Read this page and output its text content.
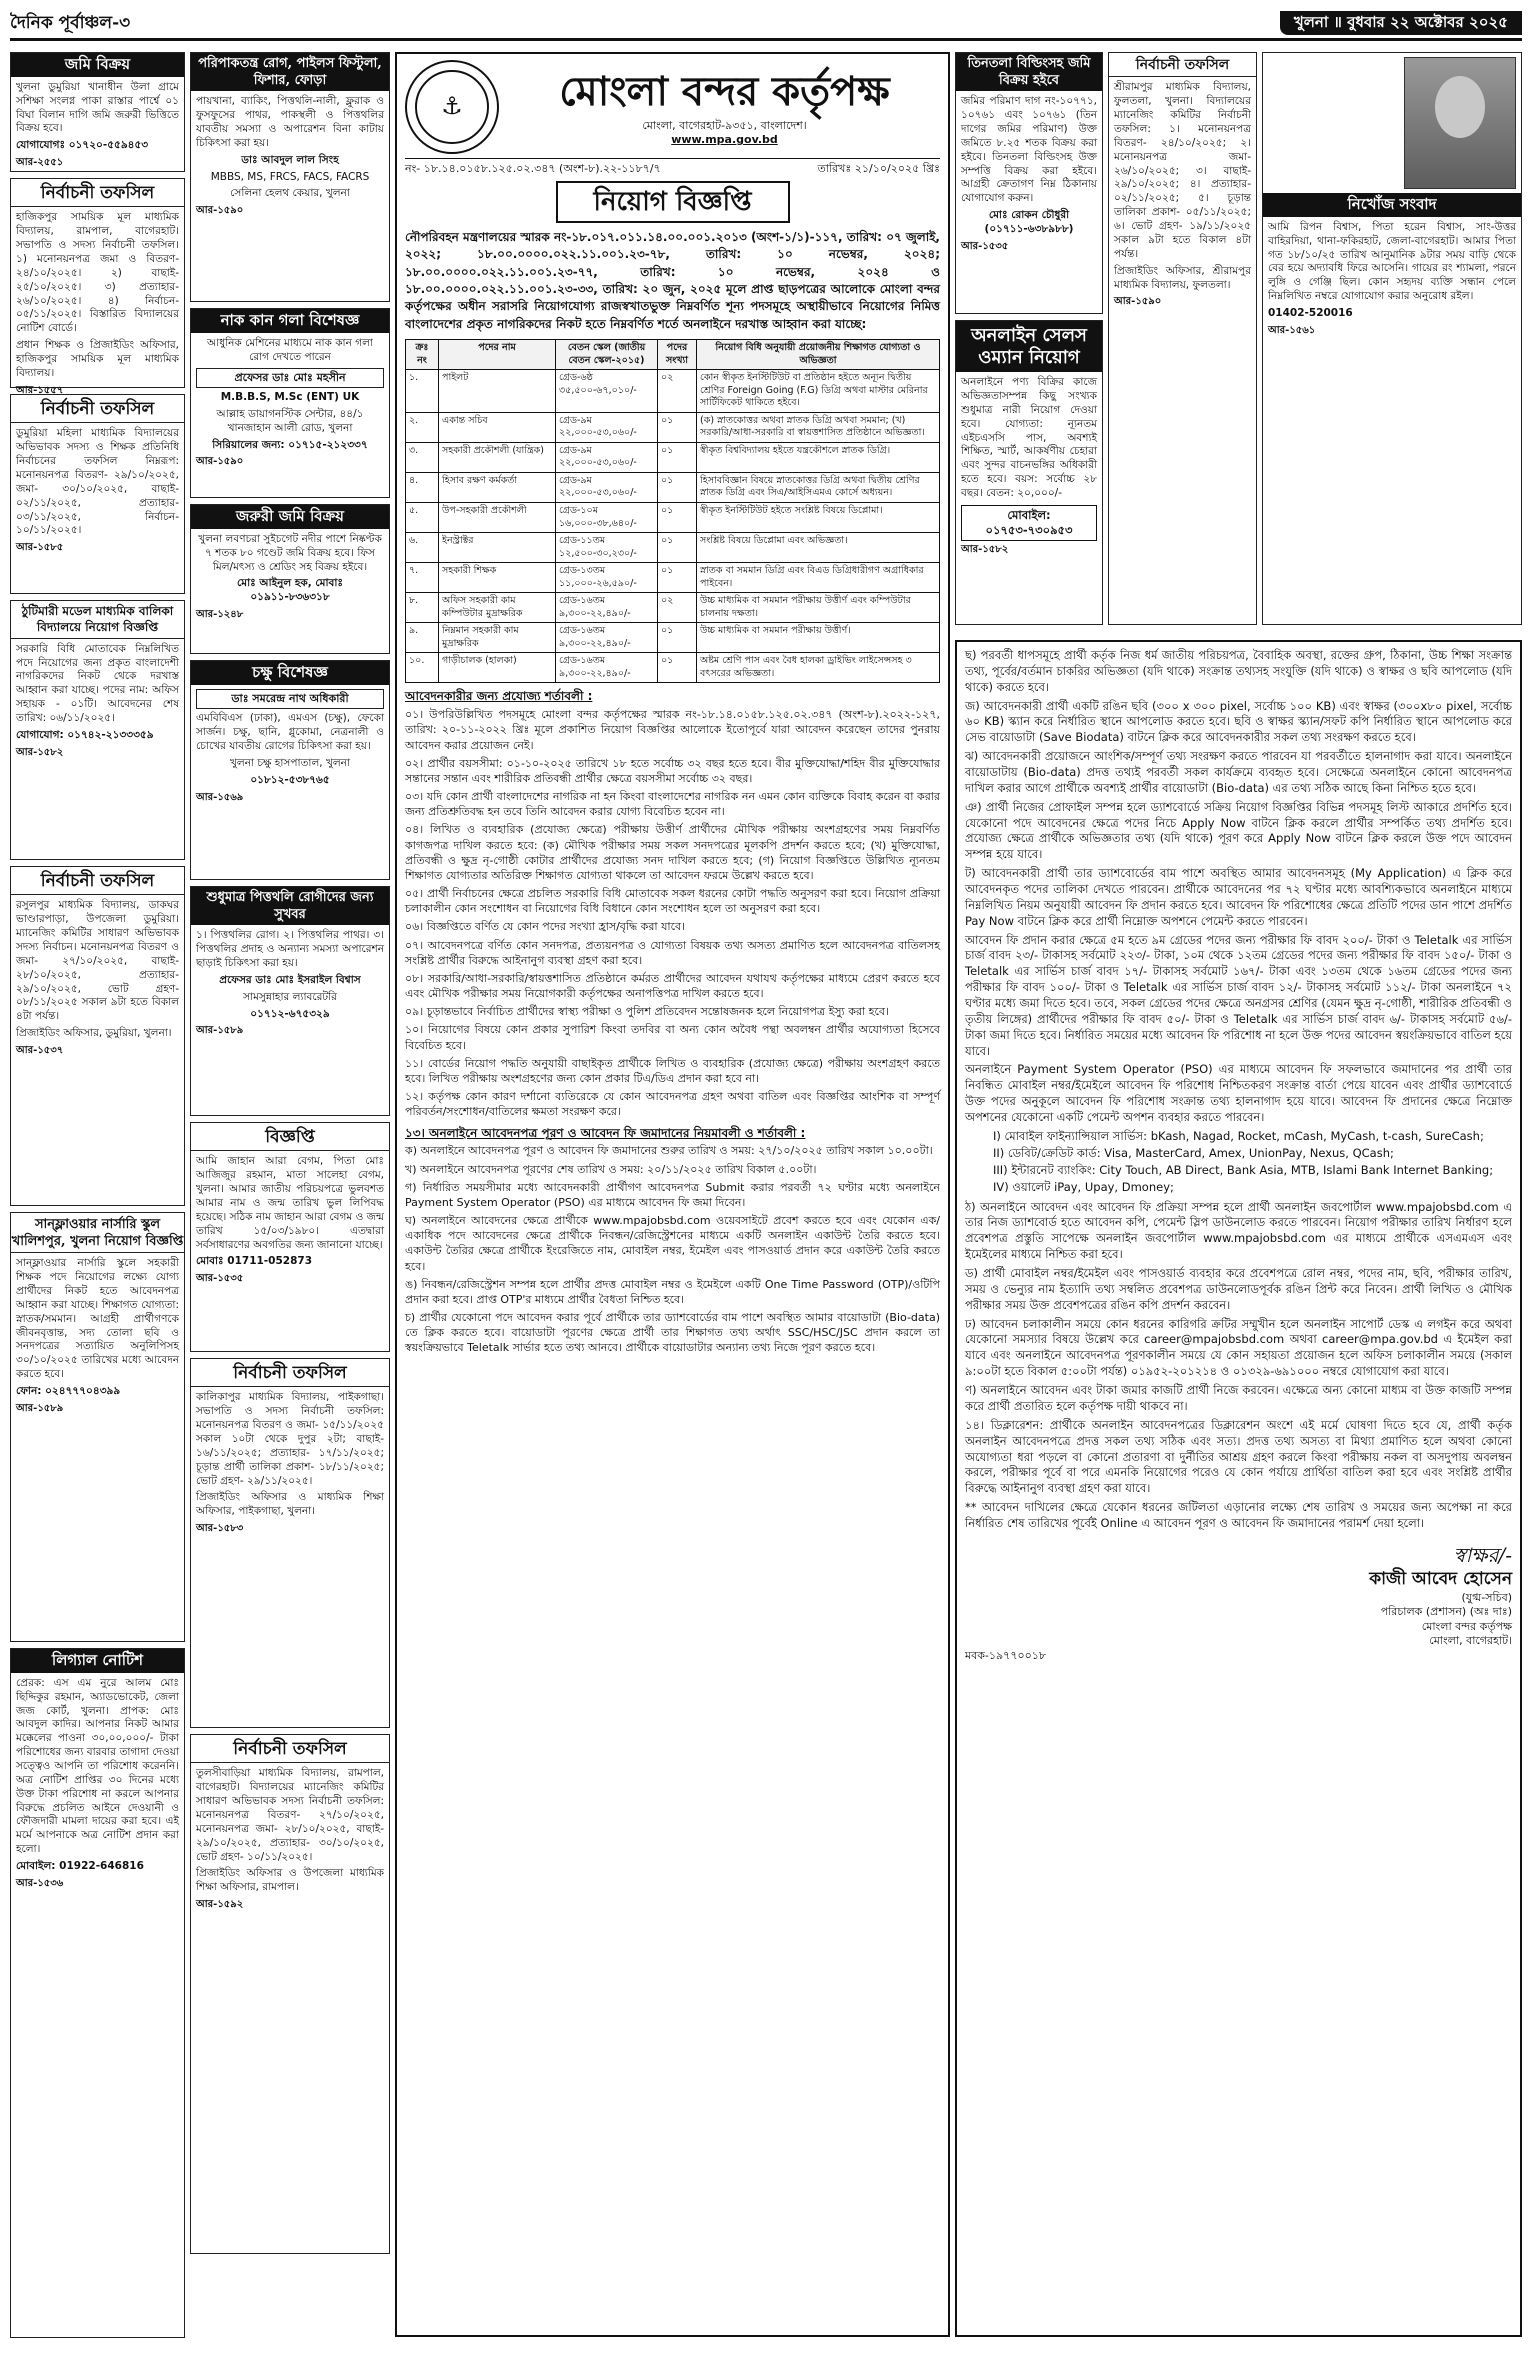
দৈনিক পূর্বাঞ্চল-৩	খুলনা ॥ বুধবার ২২ অক্টোবর ২০২৫
জমি বিক্রয়

খুলনা ডুমুরিয়া খানাধীন উলা গ্রামে সশিক্ষা সংলগ্ন পাকা রাস্তার পার্শ্বে ০১ বিঘা বিলান দাগি জমি জরুরী ভিত্তিতে বিক্রয় হবে।

যোগাযোগঃ ০১৭২০-৫৫৯৪৫৩

আর-২৫৫১
নির্বাচনী তফসিল

হাজিকপুর সাময়িক মূল মাধ্যমিক বিদ্যালয়, রামপাল, বাগেরহাট। সভাপতি ও সদস্য নির্বাচনী তফসিল। ১) মনোনয়নপত্র জমা ও বিতরণ- ২৪/১০/২০২৫। ২) বাছাই- ২৫/১০/২০২৫। ৩) প্রত্যাহার- ২৬/১০/২০২৫। ৪) নির্বাচন- ০৫/১১/২০২৫। বিস্তারিত বিদ্যালয়ের নোটিশ বোর্ডে।

প্রধান শিক্ষক ও প্রিজাইডিং অফিসার, হাজিকপুর সাময়িক মূল মাধ্যমিক বিদ্যালয়।

আর-১৫৫৭
নির্বাচনী তফসিল

ডুমুরিয়া মহিলা মাধ্যমিক বিদ্যালয়ের অভিভাবক সদস্য ও শিক্ষক প্রতিনিধি নির্বাচনের তফসিল নিম্নরূপ: মনোনয়নপত্র বিতরণ- ২৯/১০/২০২৫, জমা- ৩০/১০/২০২৫, বাছাই- ০২/১১/২০২৫, প্রত্যাহার- ০৩/১১/২০২৫, নির্বাচন- ১০/১১/২০২৫।

আর-১৫৮৫
ঠুটিমারী মডেল মাধ্যমিক বালিকা বিদ্যালয়ে নিয়োগ বিজ্ঞপ্তি

সরকারি বিধি মোতাবেক নিম্নলিখিত পদে নিয়োগের জন্য প্রকৃত বাংলাদেশী নাগরিকদের নিকট থেকে দরখাস্ত আহ্বান করা যাচ্ছে। পদের নাম: অফিস সহায়ক - ০১টি। আবেদনের শেষ তারিখ: ০৬/১১/২০২৫।

যোগাযোগ: ০১৭৪২-২১৩৩৩৫৯

আর-১৫৮২
নির্বাচনী তফসিল

রসুলপুর মাধ্যমিক বিদ্যালয়, ডাকঘর ভাণ্ডারপাড়া, উপজেলা ডুমুরিয়া। ম্যানেজিং কমিটির সাধারণ অভিভাবক সদস্য নির্বাচন। মনোনয়নপত্র বিতরণ ও জমা- ২৭/১০/২০২৫, বাছাই- ২৮/১০/২০২৫, প্রত্যাহার- ২৯/১০/২০২৫, ভোট গ্রহণ- ০৮/১১/২০২৫ সকাল ৯টা হতে বিকাল ৪টা পর্যন্ত।

প্রিজাইডিং অফিসার, ডুমুরিয়া, খুলনা।

আর-১৫৩৭
সান্ফ্লাওয়ার নার্সারি স্কুল খালিশপুর, খুলনা নিয়োগ বিজ্ঞপ্তি

সান্ফ্লাওয়ার নার্সারি স্কুলে সহকারী শিক্ষক পদে নিয়োগের লক্ষ্যে যোগ্য প্রার্থীদের নিকট হতে আবেদনপত্র আহ্বান করা যাচ্ছে। শিক্ষাগত যোগ্যতা: স্নাতক/সমমান। আগ্রহী প্রার্থীগণকে জীবনবৃত্তান্ত, সদ্য তোলা ছবি ও সনদপত্রের সত্যায়িত অনুলিপিসহ ৩০/১০/২০২৫ তারিখের মধ্যে আবেদন করতে হবে।

ফোন: ০২৪৭৭৭০৪৩৯৯

আর-১৫৮৯
লিগ্যাল নোটিশ

প্রেরক: এস এম নুরে আলম মোঃ ছিদ্দিকুর রহমান, অ্যাডভোকেট, জেলা জজ কোর্ট, খুলনা। প্রাপক: মোঃ আবদুল কাদির। আপনার নিকট আমার মক্কেলের পাওনা ৩০,০০,০০০/- টাকা পরিশোধের জন্য বারবার তাগাদা দেওয়া সত্ত্বেও আপনি তা পরিশোধ করেননি। অত্র নোটিশ প্রাপ্তির ৩০ দিনের মধ্যে উক্ত টাকা পরিশোধ না করলে আপনার বিরুদ্ধে প্রচলিত আইনে দেওয়ানী ও ফৌজদারী মামলা দায়ের করা হবে। এই মর্মে আপনাকে অত্র নোটিশ প্রদান করা হলো।

মোবাইল: 01922-646816

আর-১৫৩৬
পরিপাকতন্ত্র রোগ, পাইলস ফিস্টুলা, ফিশার, ফোড়া

পায়খানা, ব্যাকিং, পিত্তথলি-নালী, ফ্লুরাক ও ফুসফুসের পাথর, পাকস্থলী ও পিত্তথলির যাবতীয় সমস্যা ও অপারেশন বিনা কাটায় চিকিৎসা করা হয়।

ডাঃ আবদুল লাল সিংহ

MBBS, MS, FRCS, FACS, FACRS

সেলিনা হেলথ কেয়ার, খুলনা

আর-১৫৯০
নাক কান গলা বিশেষজ্ঞ

আধুনিক মেশিনের মাধ্যমে নাক কান গলা রোগ দেখতে পারেন

প্রফেসর ডাঃ মোঃ মহসীন

M.B.B.S, M.Sc (ENT) UK

আল্লাহ ডায়াগনস্টিক সেন্টার, ৪৪/১ খানজাহান আলী রোড, খুলনা

সিরিয়ালের জন্য: ০১৭১৫-২১২৩৩৭

আর-১৫৯০
জরুরী জমি বিক্রয়

খুলনা লবণচরা সুইচগেট নদীর পাশে নিষ্কণ্টক ৭ শতক ৮০ গণ্ডেট জমি বিক্রয় হবে। ফিস মিল/মৎস্য ও শ্রেডিং সহ বিক্রয় হইবে।

মোঃ আইনুল হক, মোবাঃ ০১৯১১-৮৩৬৩১৮

আর-১২৪৮
চক্ষু বিশেষজ্ঞ
ডাঃ সমরেন্দ্র নাথ অধিকারী

এমবিবিএস (ঢাকা), এমএস (চক্ষু), ফেকো সার্জন। চক্ষু, ছানি, গ্লুকোমা, নেত্রনালী ও চোখের যাবতীয় রোগের চিকিৎসা করা হয়।

খুলনা চক্ষু হাসপাতাল, খুলনা

০১৮১২-৫৩৮৭৬৫

আর-১৫৬৯
শুধুমাত্র পিত্তথলি রোগীদের জন্য সুখবর

১। পিত্তথলির রোগ। ২। পিত্তথলির পাথর। ৩। পিত্তথলির প্রদাহ ও অন্যান্য সমস্যা অপারেশন ছাড়াই চিকিৎসা করা হয়।

প্রফেসর ডাঃ মোঃ ইসরাইল বিশ্বাস

সামসুন্নাহার ল্যাবরেটরি

০১৭১২-৬৭৫৩২৯

আর-১৫৮৯
বিজ্ঞপ্তি

আমি জাহান আরা বেগম, পিতা মোঃ আজিজুর রহমান, মাতা সালেহা বেগম, খুলনা। আমার জাতীয় পরিচয়পত্রে ভুলবশত আমার নাম ও জন্ম তারিখ ভুল লিপিবদ্ধ হয়েছে। সঠিক নাম জাহান আরা বেগম ও জন্ম তারিখ ১৫/০৩/১৯৮০। এতদ্বারা সর্বসাধারণের অবগতির জন্য জানানো যাচ্ছে।

মোবাঃ 01711-052873

আর-১৫৩৫
নির্বাচনী তফসিল

কালিকাপুর মাধ্যমিক বিদ্যালয়, পাইকগাছা। সভাপতি ও সদস্য নির্বাচনী তফসিল: মনোনয়নপত্র বিতরণ ও জমা- ১৫/১১/২০২৫ সকাল ১০টা থেকে দুপুর ২টা; বাছাই- ১৬/১১/২০২৫; প্রত্যাহার- ১৭/১১/২০২৫; চূড়ান্ত প্রার্থী তালিকা প্রকাশ- ১৮/১১/২০২৫; ভোট গ্রহণ- ২৯/১১/২০২৫।

প্রিজাইডিং অফিসার ও মাধ্যমিক শিক্ষা অফিসার, পাইকগাছা, খুলনা।

আর-১৫৮৩
নির্বাচনী তফসিল

তুলসীবাড়িয়া মাধ্যমিক বিদ্যালয়, রামপাল, বাগেরহাট। বিদ্যালয়ের ম্যানেজিং কমিটির সাধারণ অভিভাবক সদস্য নির্বাচনী তফসিল: মনোনয়নপত্র বিতরণ- ২৭/১০/২০২৫, মনোনয়নপত্র জমা- ২৮/১০/২০২৫, বাছাই- ২৯/১০/২০২৫, প্রত্যাহার- ৩০/১০/২০২৫, ভোট গ্রহণ- ১০/১১/২০২৫।

প্রিজাইডিং অফিসার ও উপজেলা মাধ্যমিক শিক্ষা অফিসার, রামপাল।

আর-১৫৯২
⚓	মোংলা বন্দর কর্তৃপক্ষ
মোংলা, বাগেরহাট-৯৩৫১, বাংলাদেশ।
www.mpa.gov.bd
নং- ১৮.১৪.০১৫৮.১২৫.০২.৩৪৭ (অংশ-৮).২২-১১৮৭/৭	তারিখঃ ২১/১০/২০২৫ খ্রিঃ
নিয়োগ বিজ্ঞপ্তি

নৌপরিবহন মন্ত্রণালয়ের স্মারক নং-১৮.০১৭.০১১.১৪.০০.০০১.২০১৩ (অংশ-১/১)-১১৭, তারিখ: ০৭ জুলাই, ২০২২; ১৮.০০.০০০০.০২২.১১.০০১.২৩-৭৮, তারিখ: ১০ নভেম্বর, ২০২৪; ১৮.০০.০০০০.০২২.১১.০০১.২৩-৭৭, তারিখ: ১০ নভেম্বর, ২০২৪ ও ১৮.০০.০০০০.০২২.১১.০০১.২৩-৩৩, তারিখ: ২০ জুন, ২০২৫ মূলে প্রাপ্ত ছাড়পত্রের আলোকে মোংলা বন্দর কর্তৃপক্ষের অধীন সরাসরি নিয়োগযোগ্য রাজস্বখাতভুক্ত নিম্নবর্ণিত শূন্য পদসমূহে অস্থায়ীভাবে নিয়োগের নিমিত্ত বাংলাদেশের প্রকৃত নাগরিকদের নিকট হতে নিম্নবর্ণিত শর্তে অনলাইনে দরখাস্ত আহ্বান করা যাচ্ছে:

ক্রঃ নং	পদের নাম	বেতন স্কেল (জাতীয় বেতন স্কেল-২০১৫)	পদের সংখ্যা	নিয়োগ বিধি অনুযায়ী প্রয়োজনীয় শিক্ষাগত যোগ্যতা ও অভিজ্ঞতা
১.	পাইলট	গ্রেড-৬ষ্ঠ ৩৫,৫০০-৬৭,০১০/-	০২	কোন স্বীকৃত ইনস্টিটিউট বা প্রতিষ্ঠান হইতে অন্যূন দ্বিতীয় শ্রেণির Foreign Going (F.G) ডিগ্রি অথবা মাস্টার মেরিনার সার্টিফিকেট থাকিতে হইবে।
২.	একান্ত সচিব	গ্রেড-৯ম ২২,০০০-৫৩,০৬০/-	০১	(ক) স্নাতকোত্তর অথবা স্নাতক ডিগ্রি অথবা সমমান; (খ) সরকারি/আধা-সরকারি বা স্বায়ত্তশাসিত প্রতিষ্ঠানে অভিজ্ঞতা।
৩.	সহকারী প্রকৌশলী (যান্ত্রিক)	গ্রেড-৯ম ২২,০০০-৫৩,০৬০/-	০১	স্বীকৃত বিশ্ববিদ্যালয় হইতে যন্ত্রকৌশলে স্নাতক ডিগ্রি।
৪.	হিসাব রক্ষণ কর্মকর্তা	গ্রেড-৯ম ২২,০০০-৫৩,০৬০/-	০১	হিসাববিজ্ঞান বিষয়ে স্নাতকোত্তর ডিগ্রি অথবা দ্বিতীয় শ্রেণির স্নাতক ডিগ্রি এবং সিএ/আইসিএমএ কোর্সে অধ্যয়ন।
৫.	উপ-সহকারী প্রকৌশলী	গ্রেড-১০ম ১৬,০০০-৩৮,৬৪০/-	০১	স্বীকৃত ইনস্টিটিউট হইতে সংশ্লিষ্ট বিষয়ে ডিপ্লোমা।
৬.	ইনস্ট্রাক্টর	গ্রেড-১১তম ১২,৫০০-৩০,২৩০/-	০১	সংশ্লিষ্ট বিষয়ে ডিপ্লোমা এবং অভিজ্ঞতা।
৭.	সহকারী শিক্ষক	গ্রেড-১৩তম ১১,০০০-২৬,৫৯০/-	০১	স্নাতক বা সমমান ডিগ্রি এবং বিএড ডিগ্রিধারীগণ অগ্রাধিকার পাইবেন।
৮.	অফিস সহকারী কাম কম্পিউটার মুদ্রাক্ষরিক	গ্রেড-১৬তম ৯,৩০০-২২,৪৯০/-	০২	উচ্চ মাধ্যমিক বা সমমান পরীক্ষায় উত্তীর্ণ এবং কম্পিউটার চালনায় দক্ষতা।
৯.	নিম্নমান সহকারী কাম মুদ্রাক্ষরিক	গ্রেড-১৬তম ৯,৩০০-২২,৪৯০/-	০১	উচ্চ মাধ্যমিক বা সমমান পরীক্ষায় উত্তীর্ণ।
১০.	গাড়ীচালক (হালকা)	গ্রেড-১৬তম ৯,৩০০-২২,৪৯০/-	০১	অষ্টম শ্রেণি পাস এবং বৈধ হালকা ড্রাইভিং লাইসেন্সসহ ৩ বৎসরের অভিজ্ঞতা।
আবেদনকারীর জন্য প্রযোজ্য শর্তাবলী :

০১। উপরিউল্লিখিত পদসমূহে মোংলা বন্দর কর্তৃপক্ষের স্মারক নং-১৮.১৪.০১৫৮.১২৫.০২.৩৪৭ (অংশ-৮).২০২২-১২৭, তারিখ: ২০-১১-২০২২ খ্রিঃ মূলে প্রকাশিত নিয়োগ বিজ্ঞপ্তির আলোকে ইতোপূর্বে যারা আবেদন করেছেন তাদের পুনরায় আবেদন করার প্রয়োজন নেই।

০২। প্রার্থীর বয়সসীমা: ০১-১০-২০২৫ তারিখে ১৮ হতে সর্বোচ্চ ৩২ বছর হতে হবে। বীর মুক্তিযোদ্ধা/শহিদ বীর মুক্তিযোদ্ধার সন্তানের সন্তান এবং শারীরিক প্রতিবন্ধী প্রার্থীর ক্ষেত্রে বয়সসীমা সর্বোচ্চ ৩২ বছর।

০৩। যদি কোন প্রার্থী বাংলাদেশের নাগরিক না হন কিংবা বাংলাদেশের নাগরিক নন এমন কোন ব্যক্তিকে বিবাহ করেন বা করার জন্য প্রতিশ্রুতিবদ্ধ হন তবে তিনি আবেদন করার যোগ্য বিবেচিত হবেন না।

০৪। লিখিত ও ব্যবহারিক (প্রযোজ্য ক্ষেত্রে) পরীক্ষায় উত্তীর্ণ প্রার্থীদের মৌখিক পরীক্ষায় অংশগ্রহণের সময় নিম্নবর্ণিত কাগজপত্র দাখিল করতে হবে: (ক) মৌখিক পরীক্ষার সময় সকল সনদপত্রের মূলকপি প্রদর্শন করতে হবে; (খ) মুক্তিযোদ্ধা, প্রতিবন্ধী ও ক্ষুদ্র নৃ-গোষ্ঠী কোটার প্রার্থীদের প্রযোজ্য সনদ দাখিল করতে হবে; (গ) নিয়োগ বিজ্ঞপ্তিতে উল্লিখিত ন্যূনতম শিক্ষাগত যোগ্যতার অতিরিক্ত শিক্ষাগত যোগ্যতা থাকলে তা আবেদন ফরমে উল্লেখ করতে হবে।

০৫। প্রার্থী নির্বাচনের ক্ষেত্রে প্রচলিত সরকারি বিধি মোতাবেক সকল ধরনের কোটা পদ্ধতি অনুসরণ করা হবে। নিয়োগ প্রক্রিয়া চলাকালীন কোন সংশোধন বা নিয়োগের বিধি বিধানে কোন সংশোধন হলে তা অনুসরণ করা হবে।

০৬। বিজ্ঞপ্তিতে বর্ণিত যে কোন পদের সংখ্যা হ্রাস/বৃদ্ধি করা যাবে।

০৭। আবেদনপত্রে বর্ণিত কোন সনদপত্র, প্রত্যয়নপত্র ও যোগ্যতা বিষয়ক তথ্য অসত্য প্রমাণিত হলে আবেদনপত্র বাতিলসহ সংশ্লিষ্ট প্রার্থীর বিরুদ্ধে আইনানুগ ব্যবস্থা গ্রহণ করা হবে।

০৮। সরকারি/আধা-সরকারি/স্বায়ত্তশাসিত প্রতিষ্ঠানে কর্মরত প্রার্থীদের আবেদন যথাযথ কর্তৃপক্ষের মাধ্যমে প্রেরণ করতে হবে এবং মৌখিক পরীক্ষার সময় নিয়োগকারী কর্তৃপক্ষের অনাপত্তিপত্র দাখিল করতে হবে।

০৯। চূড়ান্তভাবে নির্বাচিত প্রার্থীদের স্বাস্থ্য পরীক্ষা ও পুলিশ প্রতিবেদন সন্তোষজনক হলে নিয়োগপত্র ইস্যু করা হবে।

১০। নিয়োগের বিষয়ে কোন প্রকার সুপারিশ কিংবা তদবির বা অন্য কোন অবৈধ পন্থা অবলম্বন প্রার্থীর অযোগ্যতা হিসেবে বিবেচিত হবে।

১১। বোর্ডের নিয়োগ পদ্ধতি অনুযায়ী বাছাইকৃত প্রার্থীকে লিখিত ও ব্যবহারিক (প্রযোজ্য ক্ষেত্রে) পরীক্ষায় অংশগ্রহণ করতে হবে। লিখিত পরীক্ষায় অংশগ্রহণের জন্য কোন প্রকার টিএ/ডিএ প্রদান করা হবে না।

১২। কর্তৃপক্ষ কোন কারণ দর্শানো ব্যতিরেকে যে কোন আবেদনপত্র গ্রহণ অথবা বাতিল এবং বিজ্ঞপ্তির আংশিক বা সম্পূর্ণ পরিবর্তন/সংশোধন/বাতিলের ক্ষমতা সংরক্ষণ করে।

১৩। অনলাইনে আবেদনপত্র পূরণ ও আবেদন ফি জমাদানের নিয়মাবলী ও শর্তাবলী :

ক) অনলাইনে আবেদনপত্র পূরণ ও আবেদন ফি জমাদানের শুরুর তারিখ ও সময়: ২৭/১০/২০২৫ তারিখ সকাল ১০.০০টা।

খ) অনলাইনে আবেদনপত্র পূরণের শেষ তারিখ ও সময়: ২০/১১/২০২৫ তারিখ বিকাল ৫.০০টা।

গ) নির্ধারিত সময়সীমার মধ্যে আবেদনকারী প্রার্থীগণ আবেদনপত্র Submit করার পরবর্তী ৭২ ঘণ্টার মধ্যে অনলাইনে Payment System Operator (PSO) এর মাধ্যমে আবেদন ফি জমা দিবেন।

ঘ) অনলাইনে আবেদনের ক্ষেত্রে প্রার্থীকে www.mpajobsbd.com ওয়েবসাইটে প্রবেশ করতে হবে এবং যেকোন এক/একাধিক পদে আবেদনের ক্ষেত্রে প্রার্থীকে নিবন্ধন/রেজিস্ট্রেশনের মাধ্যমে একটি অনলাইন একাউন্ট তৈরি করতে হবে। একাউন্ট তৈরির ক্ষেত্রে প্রার্থীকে ইংরেজিতে নাম, মোবাইল নম্বর, ইমেইল এবং পাসওয়ার্ড প্রদান করে একাউন্ট তৈরি করতে হবে।

ঙ) নিবন্ধন/রেজিস্ট্রেশন সম্পন্ন হলে প্রার্থীর প্রদত্ত মোবাইল নম্বর ও ইমেইলে একটি One Time Password (OTP)/ওটিপি প্রদান করা হবে। প্রাপ্ত OTP'র মাধ্যমে প্রার্থীর বৈধতা নিশ্চিত হবে।

চ) প্রার্থীর যেকোনো পদে আবেদন করার পূর্বে প্রার্থীকে তার ড্যাশবোর্ডের বাম পাশে অবস্থিত আমার বায়োডাটা (Bio-data) তে ক্লিক করতে হবে। বায়োডাটা পূরণের ক্ষেত্রে প্রার্থী তার শিক্ষাগত তথ্য অর্থাৎ SSC/HSC/JSC প্রদান করলে তা স্বয়ংক্রিয়ভাবে Teletalk সার্ভার হতে তথ্য আনবে। প্রার্থীকে বায়োডাটার অন্যান্য তথ্য নিজে পূরণ করতে হবে।

তিনতলা বিল্ডিংসহ জমি বিক্রয় হইবে

জমির পরিমাণ দাগ নং-১০৭৭১, ১০৭৬১ এবং ১০৭৬১ (তিন দাগের জমির পরিমাণ) উক্ত জমিতে ৮.২৫ শতক বিক্রয় করা হইবে। তিনতলা বিল্ডিংসহ উক্ত সম্পত্তি বিক্রয় করা হইবে। আগ্রহী ক্রেতাগণ নিম্ন ঠিকানায় যোগাযোগ করুন।

মোঃ রোকন চৌধুরী (০১৭১১-৬৩৮৯৮৮)

আর-১৫৩৫
অনলাইন সেলস ওম্যান নিয়োগ

অনলাইনে পণ্য বিক্রির কাজে অভিজ্ঞতাসম্পন্ন কিছু সংখ্যক শুধুমাত্র নারী নিয়োগ দেওয়া হবে। যোগ্যতা: ন্যূনতম এইচএসসি পাস, অবশ্যই শিক্ষিত, স্মার্ট, আকর্ষণীয় চেহারা এবং সুন্দর বাচনভঙ্গির অধিকারী হতে হবে। বয়স: সর্বোচ্চ ২৮ বছর। বেতন: ২০,০০০/-

মোবাইল: ০১৭৫৩-৭৩০৯৫৩
আর-১৫৮২
নির্বাচনী তফসিল

শ্রীরামপুর মাধ্যমিক বিদ্যালয়, ফুলতলা, খুলনা। বিদ্যালয়ের ম্যানেজিং কমিটির নির্বাচনী তফসিল: ১। মনোনয়নপত্র বিতরণ- ২৪/১০/২০২৫; ২। মনোনয়নপত্র জমা- ২৬/১০/২০২৫; ৩। বাছাই- ২৯/১০/২০২৫; ৪। প্রত্যাহার- ০২/১১/২০২৫; ৫। চূড়ান্ত তালিকা প্রকাশ- ০৫/১১/২০২৫; ৬। ভোট গ্রহণ- ১৯/১১/২০২৫ সকাল ৯টা হতে বিকাল ৪টা পর্যন্ত।

প্রিজাইডিং অফিসার, শ্রীরামপুর মাধ্যমিক বিদ্যালয়, ফুলতলা।

আর-১৫৯০
নিখোঁজ সংবাদ

আমি রিপন বিশ্বাস, পিতা হরেন বিশ্বাস, সাং-উত্তর বাহিরদিয়া, থানা-ফকিরহাট, জেলা-বাগেরহাট। আমার পিতা গত ১৮/১০/২৫ তারিখ আনুমানিক ৯টার সময় বাড়ি থেকে বের হয়ে অদ্যাবধি ফিরে আসেনি। গায়ের রং শ্যামলা, পরনে লুঙ্গি ও গেঞ্জি ছিল। কোন সহৃদয় ব্যক্তি সন্ধান পেলে নিম্নলিখিত নম্বরে যোগাযোগ করার অনুরোধ রইল।

01402-520016

আর-১৫৬১

ছ) পরবর্তী ধাপসমূহে প্রার্থী কর্তৃক নিজ ধর্ম জাতীয় পরিচয়পত্র, বৈবাহিক অবস্থা, রক্তের গ্রুপ, ঠিকানা, উচ্চ শিক্ষা সংক্রান্ত তথ্য, পূর্বের/বর্তমান চাকরির অভিজ্ঞতা (যদি থাকে) সংক্রান্ত তথ্যসহ সংযুক্তি (যদি থাকে) ও স্বাক্ষর ও ছবি আপলোড (যদি থাকে) করতে হবে।

জ) আবেদনকারী প্রার্থী একটি রঙিন ছবি (৩০০ x ৩০০ pixel, সর্বোচ্চ ১০০ KB) এবং স্বাক্ষর (৩০০x৮০ pixel, সর্বোচ্চ ৬০ KB) স্ক্যান করে নির্ধারিত স্থানে আপলোড করতে হবে। ছবি ও স্বাক্ষর স্ক্যান/সফট কপি নির্ধারিত স্থানে আপলোড করে সেভ বায়োডাটা (Save Biodata) বাটনে ক্লিক করে আবেদনকারীর সকল তথ্য সংরক্ষণ করতে হবে।

ঝ) আবেদনকারী প্রয়োজনে আংশিক/সম্পূর্ণ তথ্য সংরক্ষণ করতে পারবেন যা পরবর্তীতে হালনাগাদ করা যাবে। অনলাইনে বায়োডাটায় (Bio-data) প্রদত্ত তথ্যই পরবর্তী সকল কার্যক্রমে ব্যবহৃত হবে। সেক্ষেত্রে অনলাইনে কোনো আবেদনপত্র দাখিল করার আগে প্রার্থীকে অবশ্যই প্রার্থীর বায়োডাটা (Bio-data) এর তথ্য সঠিক আছে কিনা নিশ্চিত হতে হবে।

ঞ) প্রার্থী নিজের প্রোফাইল সম্পন্ন হলে ড্যাশবোর্ডে সক্রিয় নিয়োগ বিজ্ঞপ্তির বিভিন্ন পদসমূহ লিস্ট আকারে প্রদর্শিত হবে। যেকোনো পদে আবেদনের ক্ষেত্রে পদের নিচে Apply Now বাটনে ক্লিক করলে প্রার্থীর সম্পর্কিত তথ্য প্রদর্শিত হবে। প্রযোজ্য ক্ষেত্রে প্রার্থীকে অভিজ্ঞতার তথ্য (যদি থাকে) পূরণ করে Apply Now বাটনে ক্লিক করলে উক্ত পদে আবেদন সম্পন্ন হয়ে যাবে।

ট) আবেদনকারী প্রার্থী তার ড্যাশবোর্ডের বাম পাশে অবস্থিত আমার আবেদনসমূহ (My Application) এ ক্লিক করে আবেদনকৃত পদের তালিকা দেখতে পারবেন। প্রার্থীকে আবেদনের পর ৭২ ঘণ্টার মধ্যে আবশ্যিকভাবে অনলাইনে মাধ্যমে নিম্নলিখিত নিয়ম অনুযায়ী আবেদন ফি প্রদান করতে হবে। আবেদন ফি পরিশোধের ক্ষেত্রে প্রতিটি পদের ডান পাশে প্রদর্শিত Pay Now বাটনে ক্লিক করে প্রার্থী নিম্নোক্ত অপশনে পেমেন্ট করতে পারবেন।

আবেদন ফি প্রদান করার ক্ষেত্রে ৫ম হতে ৯ম গ্রেডের পদের জন্য পরীক্ষার ফি বাবদ ২০০/- টাকা ও Teletalk এর সার্ভিস চার্জ বাবদ ২৩/- টাকাসহ সর্বমোট ২২৩/- টাকা, ১০ম থেকে ১২তম গ্রেডের পদের জন্য পরীক্ষার ফি বাবদ ১৫০/- টাকা ও Teletalk এর সার্ভিস চার্জ বাবদ ১৭/- টাকাসহ সর্বমোট ১৬৭/- টাকা এবং ১৩তম থেকে ১৬তম গ্রেডের পদের জন্য পরীক্ষার ফি বাবদ ১০০/- টাকা ও Teletalk এর সার্ভিস চার্জ বাবদ ১২/- টাকাসহ সর্বমোট ১১২/- টাকা অনলাইনে ৭২ ঘণ্টার মধ্যে জমা দিতে হবে। তবে, সকল গ্রেডের পদের ক্ষেত্রে অনগ্রসর শ্রেণির (যেমন ক্ষুদ্র নৃ-গোষ্ঠী, শারীরিক প্রতিবন্ধী ও তৃতীয় লিঙ্গের) প্রার্থীদের পরীক্ষার ফি বাবদ ৫০/- টাকা ও Teletalk এর সার্ভিস চার্জ বাবদ ৬/- টাকাসহ সর্বমোট ৫৬/- টাকা জমা দিতে হবে। নির্ধারিত সময়ের মধ্যে আবেদন ফি পরিশোধ না হলে উক্ত পদের আবেদন স্বয়ংক্রিয়ভাবে বাতিল হয়ে যাবে।

অনলাইনে Payment System Operator (PSO) এর মাধ্যমে আবেদন ফি সফলভাবে জমাদানের পর প্রার্থী তার নিবন্ধিত মোবাইল নম্বর/ইমেইলে আবেদন ফি পরিশোধ নিশ্চিতকরণ সংক্রান্ত বার্তা পেয়ে যাবেন এবং প্রার্থীর ড্যাশবোর্ডে উক্ত পদের অনুকূলে আবেদন ফি পরিশোধ সংক্রান্ত তথ্য হালনাগাদ হয়ে যাবে। আবেদন ফি প্রদানের ক্ষেত্রে নিম্নোক্ত অপশনের যেকোনো একটি পেমেন্ট অপশন ব্যবহার করতে পারবেন।

I) মোবাইল ফাইন্যান্সিয়াল সার্ভিস: bKash, Nagad, Rocket, mCash, MyCash, t-cash, SureCash;
II) ডেবিট/ক্রেডিট কার্ড: Visa, MasterCard, Amex, UnionPay, Nexus, QCash;
III) ইন্টারনেট ব্যাংকিং: City Touch, AB Direct, Bank Asia, MTB, Islami Bank Internet Banking;
IV) ওয়ালেট iPay, Upay, Dmoney;

ঠ) অনলাইনে আবেদন এবং আবেদন ফি প্রক্রিয়া সম্পন্ন হলে প্রার্থী অনলাইন জবপোর্টাল www.mpajobsbd.com এ তার নিজ ড্যাশবোর্ড হতে আবেদন কপি, পেমেন্ট স্লিপ ডাউনলোড করতে পারবেন। নিয়োগ পরীক্ষার তারিখ নির্ধারণ হলে প্রবেশপত্র প্রস্তুতি সাপেক্ষে অনলাইন জবপোর্টাল www.mpajobsbd.com এর মাধ্যমে প্রার্থীকে এসএমএস এবং ইমেইলের মাধ্যমে নিশ্চিত করা হবে।

ড) প্রার্থী মোবাইল নম্বর/ইমেইল এবং পাসওয়ার্ড ব্যবহার করে প্রবেশপত্রে রোল নম্বর, পদের নাম, ছবি, পরীক্ষার তারিখ, সময় ও ভেন্যুর নাম ইত্যাদি তথ্য সম্বলিত প্রবেশপত্র ডাউনলোডপূর্বক রঙিন প্রিন্ট করে নিবেন। প্রার্থী লিখিত ও মৌখিক পরীক্ষার সময় উক্ত প্রবেশপত্রের রঙিন কপি প্রদর্শন করবেন।

ঢ) আবেদন চলাকালীন সময়ে কোন ধরনের কারিগরি ক্রটির সম্মুখীন হলে অনলাইন সাপোর্ট ডেস্ক এ লগইন করে অথবা যেকোনো সমস্যার বিষয়ে উল্লেখ করে career@mpajobsbd.com অথবা career@mpa.gov.bd এ ইমেইল করা যাবে এবং অনলাইনে আবেদনপত্র পূরণকালীন সময়ে যে কোন সহায়তা প্রয়োজন হলে অফিস চলাকালীন সময়ে (সকাল ৯:০০টা হতে বিকাল ৫:০০টা পর্যন্ত) ০১৯৫২-২০১২১৪ ও ০১৩২৯-৬৯১০০০ নম্বরে যোগাযোগ করা যাবে।

ণ) অনলাইনে আবেদন এবং টাকা জমার কাজটি প্রার্থী নিজে করবেন। এক্ষেত্রে অন্য কোনো মাধ্যম বা উক্ত কাজটি সম্পন্ন করে প্রার্থী প্রতারিত হলে কর্তৃপক্ষ দায়ী থাকবে না।

১৪। ডিক্লারেশন: প্রার্থীকে অনলাইন আবেদনপত্রের ডিক্লারেশন অংশে এই মর্মে ঘোষণা দিতে হবে যে, প্রার্থী কর্তৃক অনলাইন আবেদনপত্রে প্রদত্ত সকল তথ্য সঠিক এবং সত্য। প্রদত্ত তথ্য অসত্য বা মিথ্যা প্রমাণিত হলে অথবা কোনো অযোগ্যতা ধরা পড়লে বা কোনো প্রতারণা বা দুর্নীতির আশ্রয় গ্রহণ করলে কিংবা পরীক্ষায় নকল বা অসদুপায় অবলম্বন করলে, পরীক্ষার পূর্বে বা পরে এমনকি নিয়োগের পরেও যে কোন পর্যায়ে প্রার্থিতা বাতিল করা হবে এবং সংশ্লিষ্ট প্রার্থীর বিরুদ্ধে আইনানুগ ব্যবস্থা গ্রহণ করা যাবে।

** আবেদন দাখিলের ক্ষেত্রে যেকোন ধরনের জটিলতা এড়ানোর লক্ষ্যে শেষ তারিখ ও সময়ের জন্য অপেক্ষা না করে নির্ধারিত শেষ তারিখের পূর্বেই Online এ আবেদন পূরণ ও আবেদন ফি জমাদানের পরামর্শ দেয়া হলো।

স্বাক্ষর/-
কাজী আবেদ হোসেন
(যুগ্ম-সচিব)
পরিচালক (প্রশাসন) (অঃ দাঃ)
মোংলা বন্দর কর্তৃপক্ষ
মোংলা, বাগেরহাট।
মবক-১৯৭৭০০১৮
